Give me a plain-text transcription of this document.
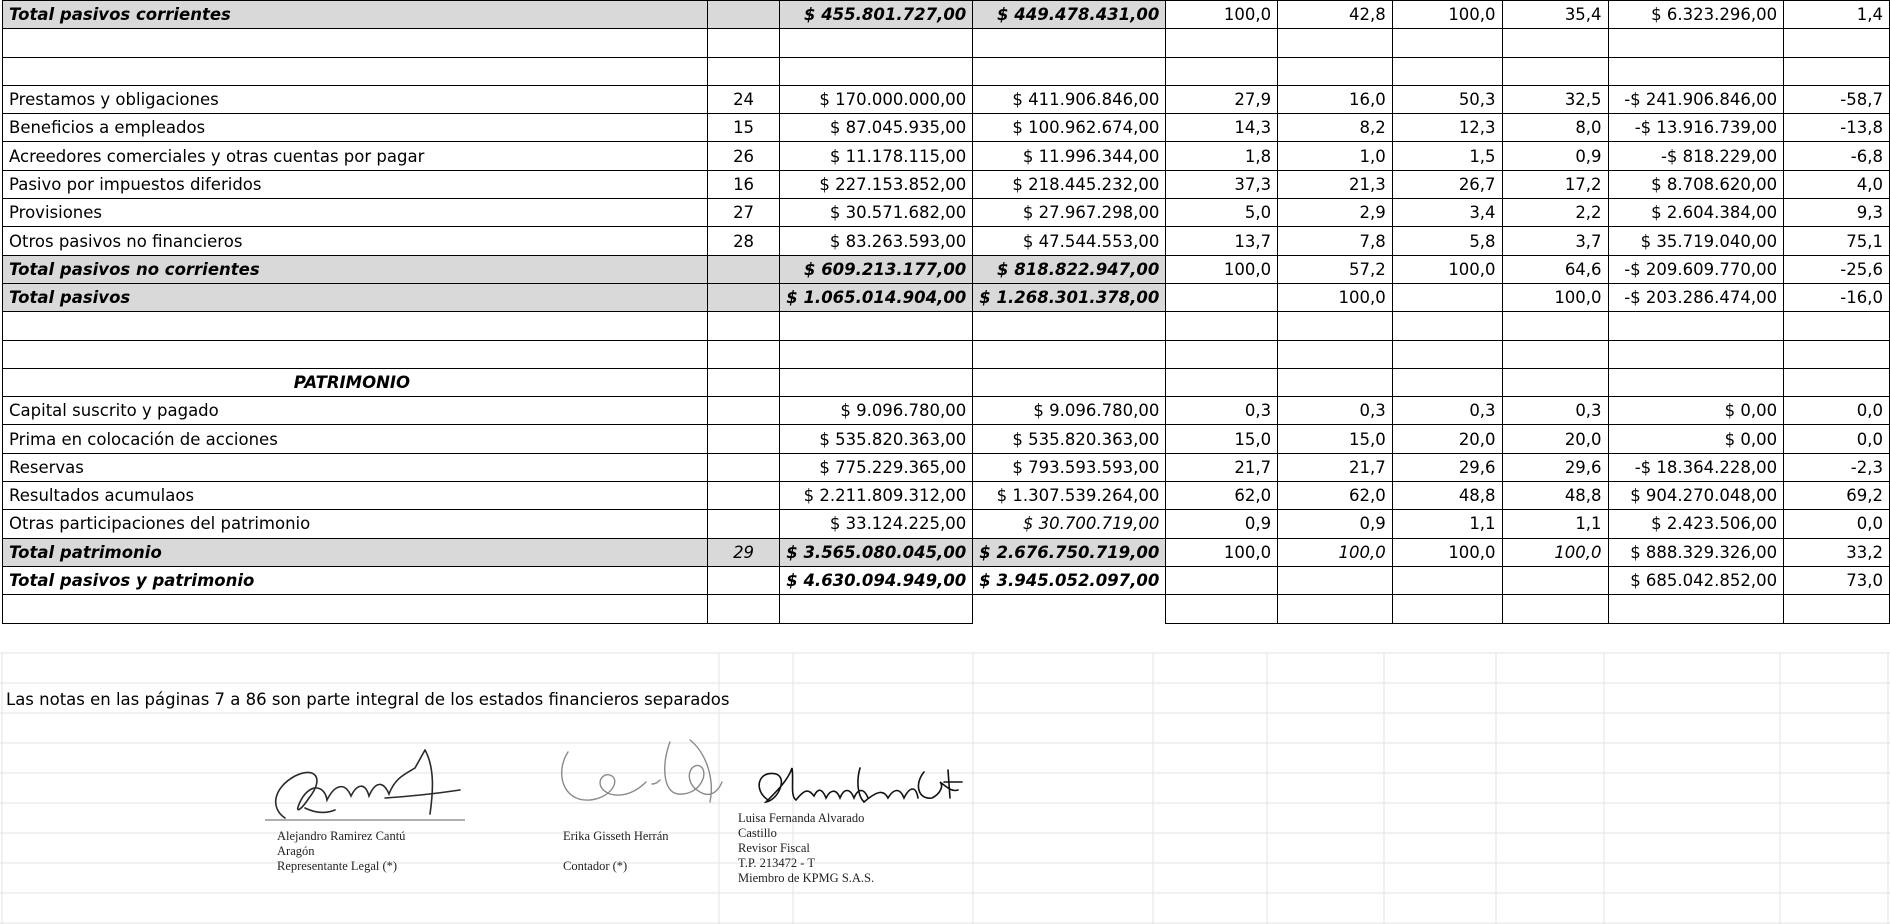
Total pasivos corrientes		$ 455.801.727,00	$ 449.478.431,00	100,0	42,8	100,0	35,4	$ 6.323.296,00	1,4

Prestamos y obligaciones	24	$ 170.000.000,00	$ 411.906.846,00	27,9	16,0	50,3	32,5	-$ 241.906.846,00	-58,7
Beneficios a empleados	15	$ 87.045.935,00	$ 100.962.674,00	14,3	8,2	12,3	8,0	-$ 13.916.739,00	-13,8
Acreedores comerciales y otras cuentas por pagar	26	$ 11.178.115,00	$ 11.996.344,00	1,8	1,0	1,5	0,9	-$ 818.229,00	-6,8
Pasivo por impuestos diferidos	16	$ 227.153.852,00	$ 218.445.232,00	37,3	21,3	26,7	17,2	$ 8.708.620,00	4,0
Provisiones	27	$ 30.571.682,00	$ 27.967.298,00	5,0	2,9	3,4	2,2	$ 2.604.384,00	9,3
Otros pasivos no financieros	28	$ 83.263.593,00	$ 47.544.553,00	13,7	7,8	5,8	3,7	$ 35.719.040,00	75,1
Total pasivos no corrientes		$ 609.213.177,00	$ 818.822.947,00	100,0	57,2	100,0	64,6	-$ 209.609.770,00	-25,6
Total pasivos		$ 1.065.014.904,00	$ 1.268.301.378,00		100,0		100,0	-$ 203.286.474,00	-16,0

PATRIMONIO									
Capital suscrito y pagado		$ 9.096.780,00	$ 9.096.780,00	0,3	0,3	0,3	0,3	$ 0,00	0,0
Prima en colocación de acciones		$ 535.820.363,00	$ 535.820.363,00	15,0	15,0	20,0	20,0	$ 0,00	0,0
Reservas		$ 775.229.365,00	$ 793.593.593,00	21,7	21,7	29,6	29,6	-$ 18.364.228,00	-2,3
Resultados acumulaos		$ 2.211.809.312,00	$ 1.307.539.264,00	62,0	62,0	48,8	48,8	$ 904.270.048,00	69,2
Otras participaciones del patrimonio		$ 33.124.225,00	$ 30.700.719,00	0,9	0,9	1,1	1,1	$ 2.423.506,00	0,0
Total patrimonio	29	$ 3.565.080.045,00	$ 2.676.750.719,00	100,0	100,0	100,0	100,0	$ 888.329.326,00	33,2
Total pasivos y patrimonio		$ 4.630.094.949,00	$ 3.945.052.097,00					$ 685.042.852,00	73,0

Las notas en las páginas 7 a 86 son parte integral de los estados financieros separados
Alejandro Ramirez Cantú
Aragón
Representante Legal (*)
Erika Gisseth Herrán
Contador (*)
Luisa Fernanda Alvarado
Castillo
Revisor Fiscal
T.P. 213472 - T
Miembro de KPMG S.A.S.
